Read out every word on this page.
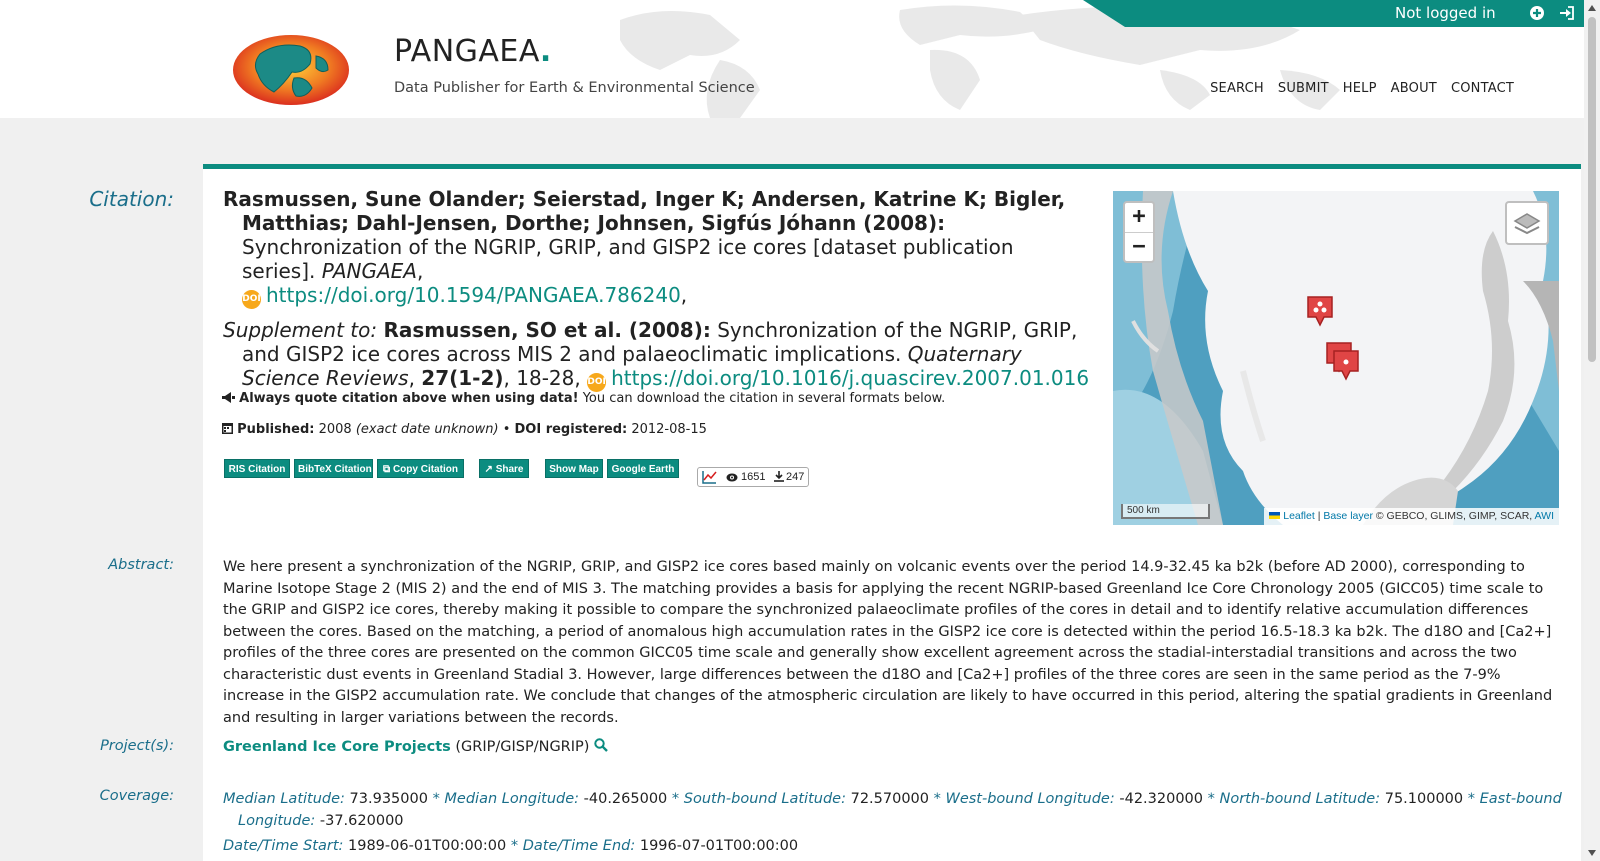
PANGAEA.
Data Publisher for Earth & Environmental Science	SEARCH SUBMIT HELP ABOUT CONTACT
Not logged in
Citation: Rasmussen, Sune Olander; Seierstad, Inger K; Andersen, Katrine K; Bigler, Matthias; Dahl-Jensen, Dorthe; Johnsen, Sigfús Jóhann (2008): Synchronization of the NGRIP, GRIP, and GISP2 ice cores [dataset publication series]. PANGAEA,
DOI https://doi.org/10.1594/PANGAEA.786240,

Supplement to: Rasmussen, SO et al. (2008): Synchronization of the NGRIP, GRIP, and GISP2 ice cores across MIS 2 and palaeoclimatic implications. Quaternary Science Reviews, 27(1-2), 18-28, DOI https://doi.org/10.1016/j.quascirev.2007.01.016

Always quote citation above when using data! You can download the citation in several formats below.
Published: 2008 (exact date unknown) • DOI registered: 2012-08-15
RIS Citation	BibTeX Citation	⧉ Copy Citation	↗ Share	Show Map	Google Earth
1651 247
+
−
500 km	Leaflet | Base layer © GEBCO, GLIMS, GIMP, SCAR, AWI
Abstract:	We here present a synchronization of the NGRIP, GRIP, and GISP2 ice cores based mainly on volcanic events over the period 14.9-32.45 ka b2k (before AD 2000), corresponding to Marine Isotope Stage 2 (MIS 2) and the end of MIS 3. The matching provides a basis for applying the recent NGRIP-based Greenland Ice Core Chronology 2005 (GICC05) time scale to the GRIP and GISP2 ice cores, thereby making it possible to compare the synchronized palaeoclimate profiles of the cores in detail and to identify relative accumulation differences between the cores. Based on the matching, a period of anomalous high accumulation rates in the GISP2 ice core is detected within the period 16.5-18.3 ka b2k. The d18O and [Ca2+] profiles of the three cores are presented on the common GICC05 time scale and generally show excellent agreement across the stadial-interstadial transitions and across the two characteristic dust events in Greenland Stadial 3. However, large differences between the d18O and [Ca2+] profiles of the three cores are seen in the same period as the 7-9% increase in the GISP2 accumulation rate. We conclude that changes of the atmospheric circulation are likely to have occurred in this period, altering the spatial gradients in Greenland and resulting in larger variations between the records.

Project(s):	Greenland Ice Core Projects (GRIP/GISP/NGRIP)
Coverage:	Median Latitude: 73.935000 * Median Longitude: -40.265000 * South-bound Latitude: 72.570000 * West-bound Longitude: -42.320000 * North-bound Latitude: 75.100000 * East-bound Longitude: -37.620000

Date/Time Start: 1989-06-01T00:00:00 * Date/Time End: 1996-07-01T00:00:00
